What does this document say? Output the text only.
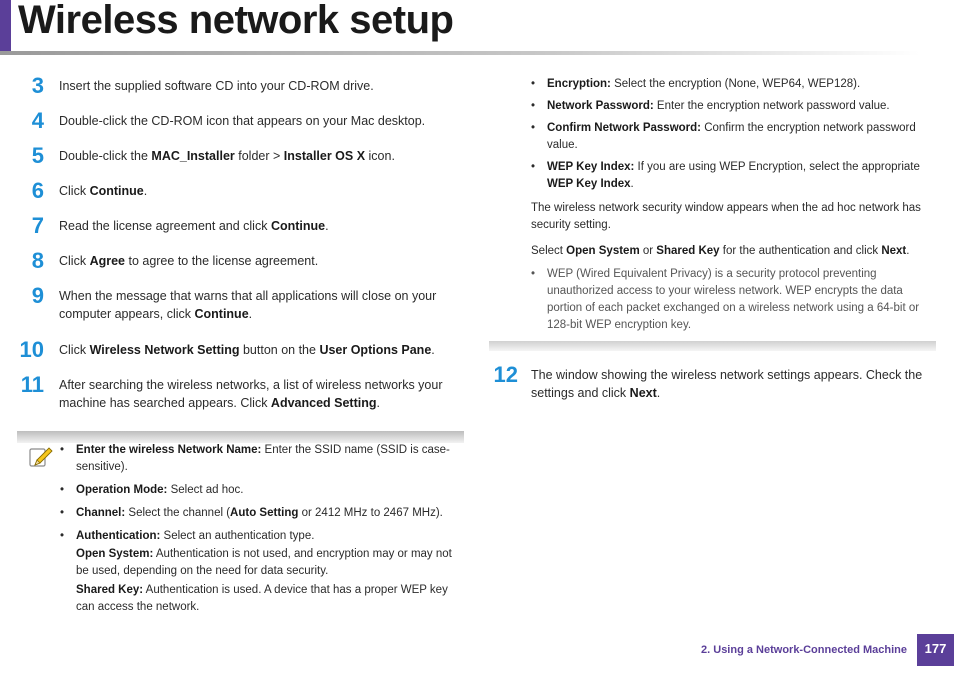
Wireless network setup
3 Insert the supplied software CD into your CD-ROM drive.
4 Double-click the CD-ROM icon that appears on your Mac desktop.
5 Double-click the MAC_Installer folder > Installer OS X icon.
6 Click Continue.
7 Read the license agreement and click Continue.
8 Click Agree to agree to the license agreement.
9 When the message that warns that all applications will close on your computer appears, click Continue.
10 Click Wireless Network Setting button on the User Options Pane.
11 After searching the wireless networks, a list of wireless networks your machine has searched appears. Click Advanced Setting.
• Enter the wireless Network Name: Enter the SSID name (SSID is case-sensitive).
• Operation Mode: Select ad hoc.
• Channel: Select the channel (Auto Setting or 2412 MHz to 2467 MHz).
• Authentication: Select an authentication type.
Open System: Authentication is not used, and encryption may or may not be used, depending on the need for data security.
Shared Key: Authentication is used. A device that has a proper WEP key can access the network.
• Encryption: Select the encryption (None, WEP64, WEP128).
• Network Password: Enter the encryption network password value.
• Confirm Network Password: Confirm the encryption network password value.
• WEP Key Index: If you are using WEP Encryption, select the appropriate WEP Key Index.
The wireless network security window appears when the ad hoc network has security setting.
Select Open System or Shared Key for the authentication and click Next.
• WEP (Wired Equivalent Privacy) is a security protocol preventing unauthorized access to your wireless network. WEP encrypts the data portion of each packet exchanged on a wireless network using a 64-bit or 128-bit WEP encryption key.
12 The window showing the wireless network settings appears. Check the settings and click Next.
2. Using a Network-Connected Machine	177
